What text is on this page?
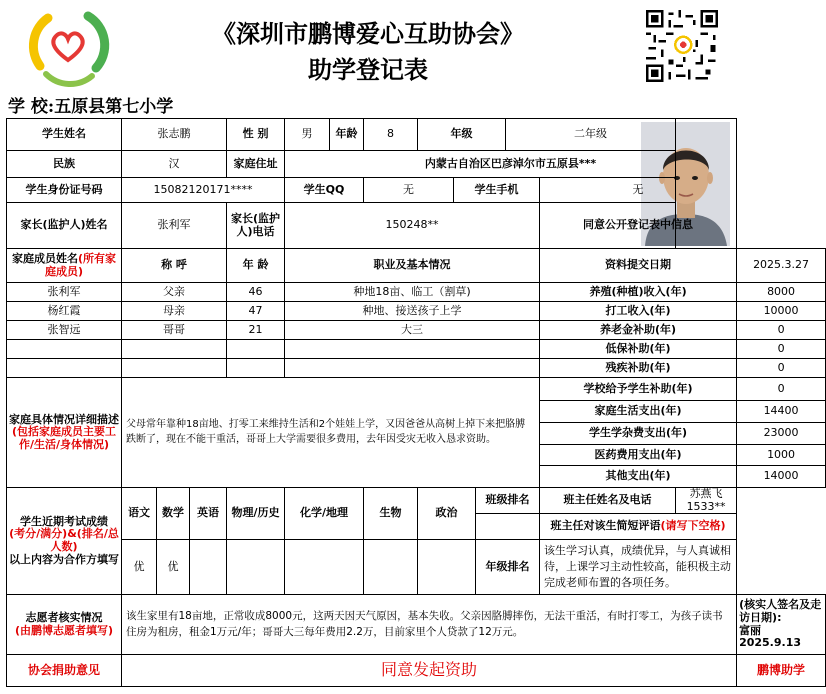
《深圳市鹏博爱心互助协会》
助学登记表
学 校:五原县第七小学
学生姓名	张志鹏			性 别	男	年龄	8	年级			二年级			
民族	汉			家庭住址	内蒙古自治区巴彦淖尔市五原县***									
学生身份证号码	15082120171****				学生QQ		无		学生手机			无		
家长(监护人)姓名	张利军			家长(监护人)电话	150248**							同意公开登记表中信息		
家庭成员姓名(所有家庭成员)	称 呼			年 龄	职业及基本情况							资料提交日期		2025.3.27
张利军	父亲			46	种地18亩、临工（割草)							养殖(种植)收入(年)		8000
杨红霞	母亲			47	种地、接送孩子上学							打工收入(年)		10000
张智远	哥哥			21	大三							养老金补助(年)		0
												低保补助(年)		0
												残疾补助(年)		0
家庭具体情况详细描述(包括家庭成员主要工作/生活/身体情况)	父母常年靠种18亩地、打零工来维持生活和2个娃娃上学，又因爸爸从高树上掉下来把胳膊跌断了，现在不能干重活，哥哥上大学需要很多费用，去年因受灾无收入恳求资助。											学校给予学生补助(年)		0
												家庭生活支出(年)		14400
												学生学杂费支出(年)		23000
												医药费用支出(年)		1000
												其他支出(年)		14000
学生近期考试成绩
(考分/满分)&(排名/总人数)
以上内容为合作方填写	语文	数学	英语	物理/历史	化学/地理		生物	政治		班级排名		班主任姓名及电话	苏燕飞1533**	
												班主任对该生简短评语(请写下空格)		
	优	优								年级排名		该生学习认真，成绩优异，与人真诚相待，上课学习主动性较高，能积极主动完成老师布置的各项任务。		
志愿者核实情况
(由鹏博志愿者填写)	该生家里有18亩地，正常收成8000元，这两天因天气原因，基本失收。父亲因胳膊摔伤，无法干重活，有时打零工，为孩子读书住房为租房，租金1万元/年；哥哥大三每年费用2.2万，目前家里个人贷款了12万元。													(核实人签名及走访日期):
富丽
2025.9.13
协会捐助意见	同意发起资助													鹏博助学
